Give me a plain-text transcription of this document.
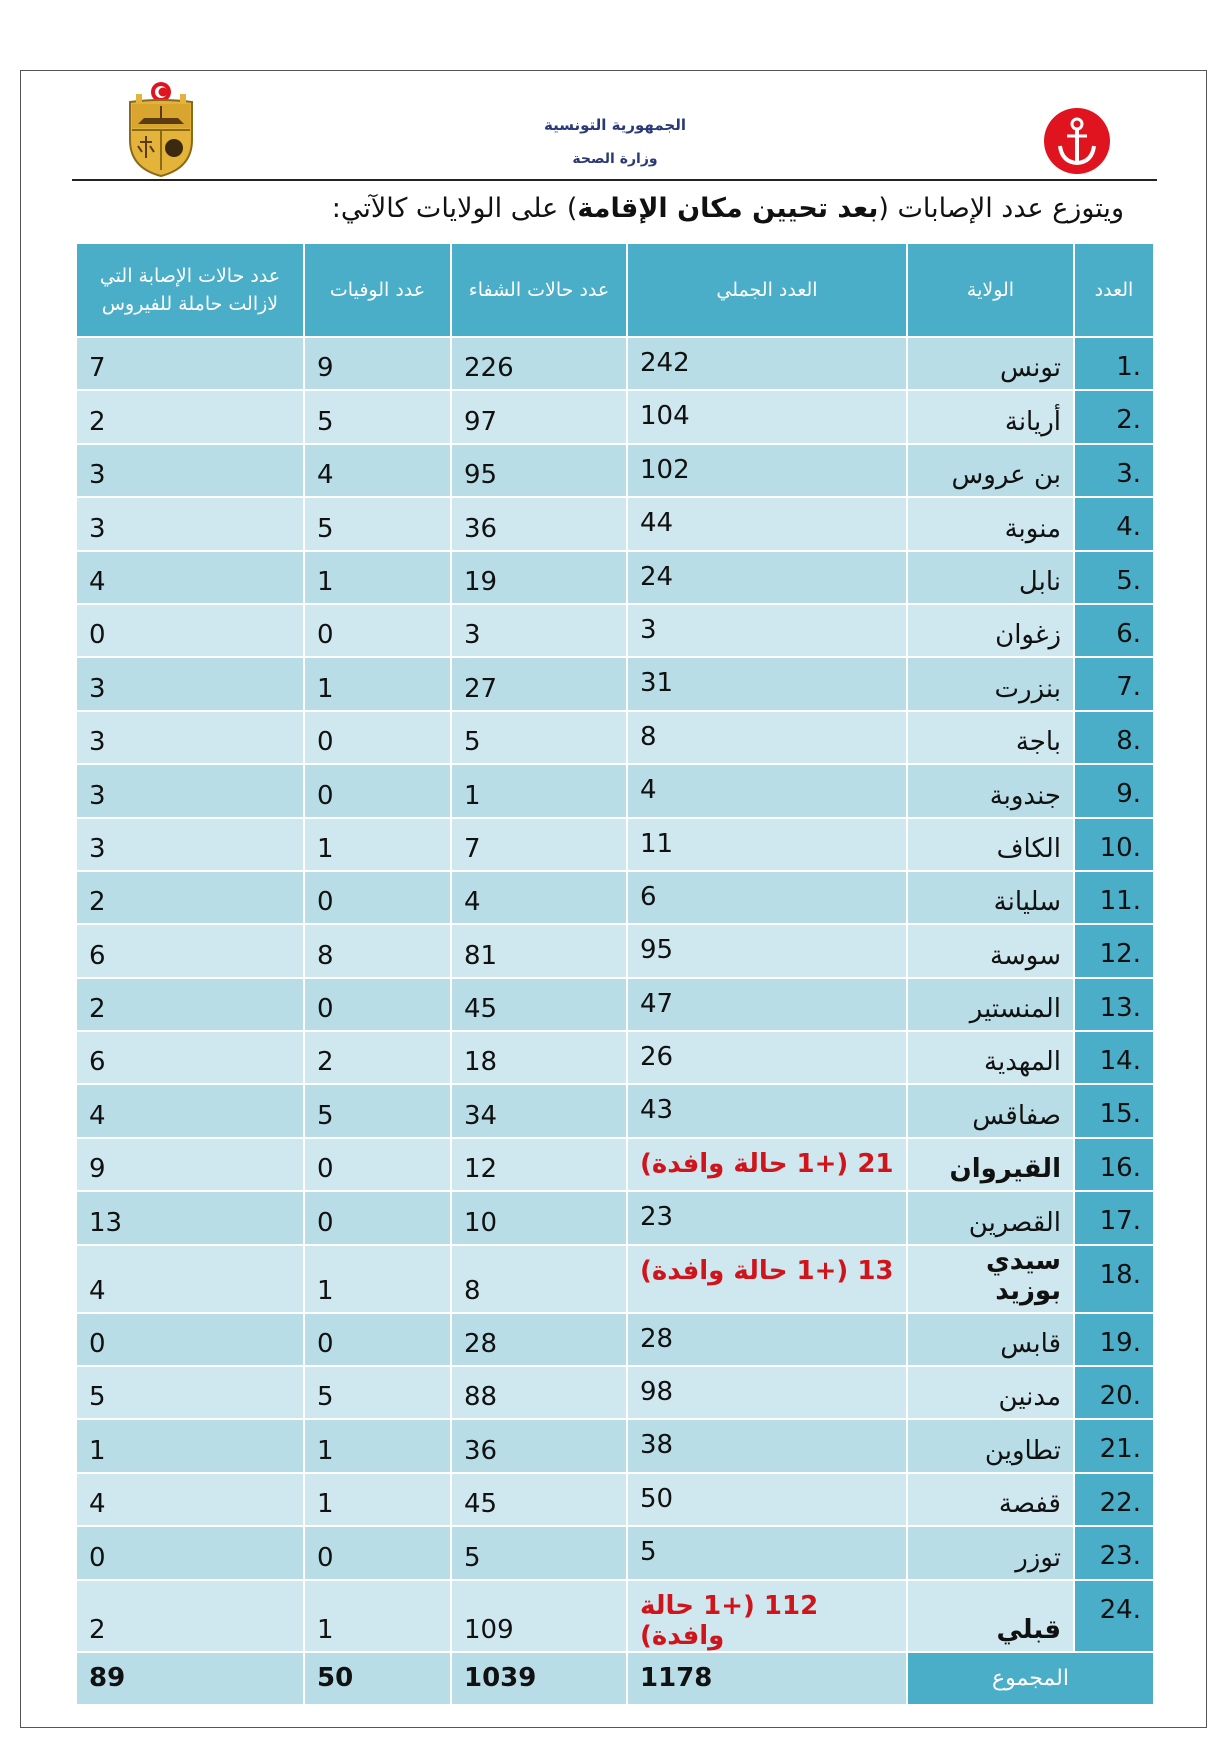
الجمهورية التونسية
وزارة الصحة
ويتوزع عدد الإصابات (بعد تحيين مكان الإقامة) على الولايات كالآتي:
العدد	الولاية	العدد الجملي	عدد حالات الشفاء	عدد الوفيات	عدد حالات الإصابة التي لازالت حاملة للفيروس
.1	تونس	242	226	9	7
.2	أريانة	104	97	5	2
.3	بن عروس	102	95	4	3
.4	منوبة	44	36	5	3
.5	نابل	24	19	1	4
.6	زغوان	3	3	0	0
.7	بنزرت	31	27	1	3
.8	باجة	8	5	0	3
.9	جندوبة	4	1	0	3
.10	الكاف	11	7	1	3
.11	سليانة	6	4	0	2
.12	سوسة	95	81	8	6
.13	المنستير	47	45	0	2
.14	المهدية	26	18	2	6
.15	صفاقس	43	34	5	4
.16	القيروان	21 (+1 حالة وافدة)	12	0	9
.17	القصرين	23	10	0	13
.18	سيدي بوزيد	13 (+1 حالة وافدة)	8	1	4
.19	قابس	28	28	0	0
.20	مدنين	98	88	5	5
.21	تطاوين	38	36	1	1
.22	قفصة	50	45	1	4
.23	توزر	5	5	0	0
.24	قبلي	112 (+1 حالة وافدة)	109	1	2
المجموع		1178	1039	50	89
